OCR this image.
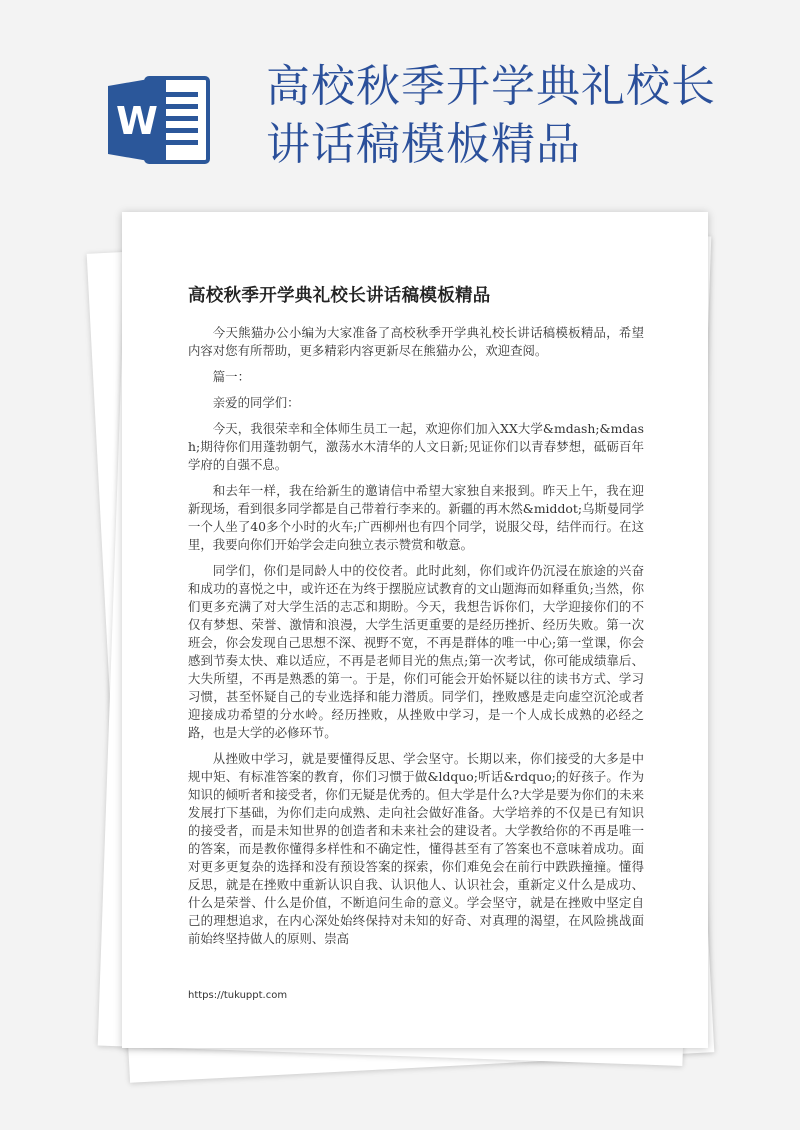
W
高校秋季开学典礼校长
讲话稿模板精品
高校秋季开学典礼校长讲话稿模板精品

今天熊猫办公小编为大家准备了高校秋季开学典礼校长讲话稿模板精品，希望内容对您有所帮助，更多精彩内容更新尽在熊猫办公，欢迎查阅。

篇一：

亲爱的同学们：

今天，我很荣幸和全体师生员工一起，欢迎你们加入XX大学&mdash;&mdash;期待你们用蓬勃朝气，激荡水木清华的人文日新;见证你们以青春梦想，砥砺百年学府的自强不息。

和去年一样，我在给新生的邀请信中希望大家独自来报到。昨天上午，我在迎新现场，看到很多同学都是自己带着行李来的。新疆的再木然&middot;乌斯曼同学一个人坐了40多个小时的火车;广西柳州也有四个同学，说服父母，结伴而行。在这里，我要向你们开始学会走向独立表示赞赏和敬意。

同学们，你们是同龄人中的佼佼者。此时此刻，你们或许仍沉浸在旅途的兴奋和成功的喜悦之中，或许还在为终于摆脱应试教育的文山题海而如释重负;当然，你们更多充满了对大学生活的志忑和期盼。今天，我想告诉你们，大学迎接你们的不仅有梦想、荣誉、激情和浪漫，大学生活更重要的是经历挫折、经历失败。第一次班会，你会发现自己思想不深、视野不宽，不再是群体的唯一中心;第一堂课，你会感到节奏太快、难以适应，不再是老师目光的焦点;第一次考试，你可能成绩靠后、大失所望，不再是熟悉的第一。于是，你们可能会开始怀疑以往的读书方式、学习习惯，甚至怀疑自己的专业选择和能力潜质。同学们，挫败感是走向虚空沉沦或者迎接成功希望的分水岭。经历挫败，从挫败中学习，是一个人成长成熟的必经之路，也是大学的必修环节。

从挫败中学习，就是要懂得反思、学会坚守。长期以来，你们接受的大多是中规中矩、有标准答案的教育，你们习惯于做&ldquo;听话&rdquo;的好孩子。作为知识的倾听者和接受者，你们无疑是优秀的。但大学是什么?大学是要为你们的未来发展打下基础，为你们走向成熟、走向社会做好准备。大学培养的不仅是已有知识的接受者，而是未知世界的创造者和未来社会的建设者。大学教给你的不再是唯一的答案，而是教你懂得多样性和不确定性，懂得甚至有了答案也不意味着成功。面对更多更复杂的选择和没有预设答案的探索，你们难免会在前行中跌跌撞撞。懂得反思，就是在挫败中重新认识自我、认识他人、认识社会，重新定义什么是成功、什么是荣誉、什么是价值，不断追问生命的意义。学会坚守，就是在挫败中坚定自己的理想追求，在内心深处始终保持对未知的好奇、对真理的渴望，在风险挑战面前始终坚持做人的原则、崇高

https://tukuppt.com
